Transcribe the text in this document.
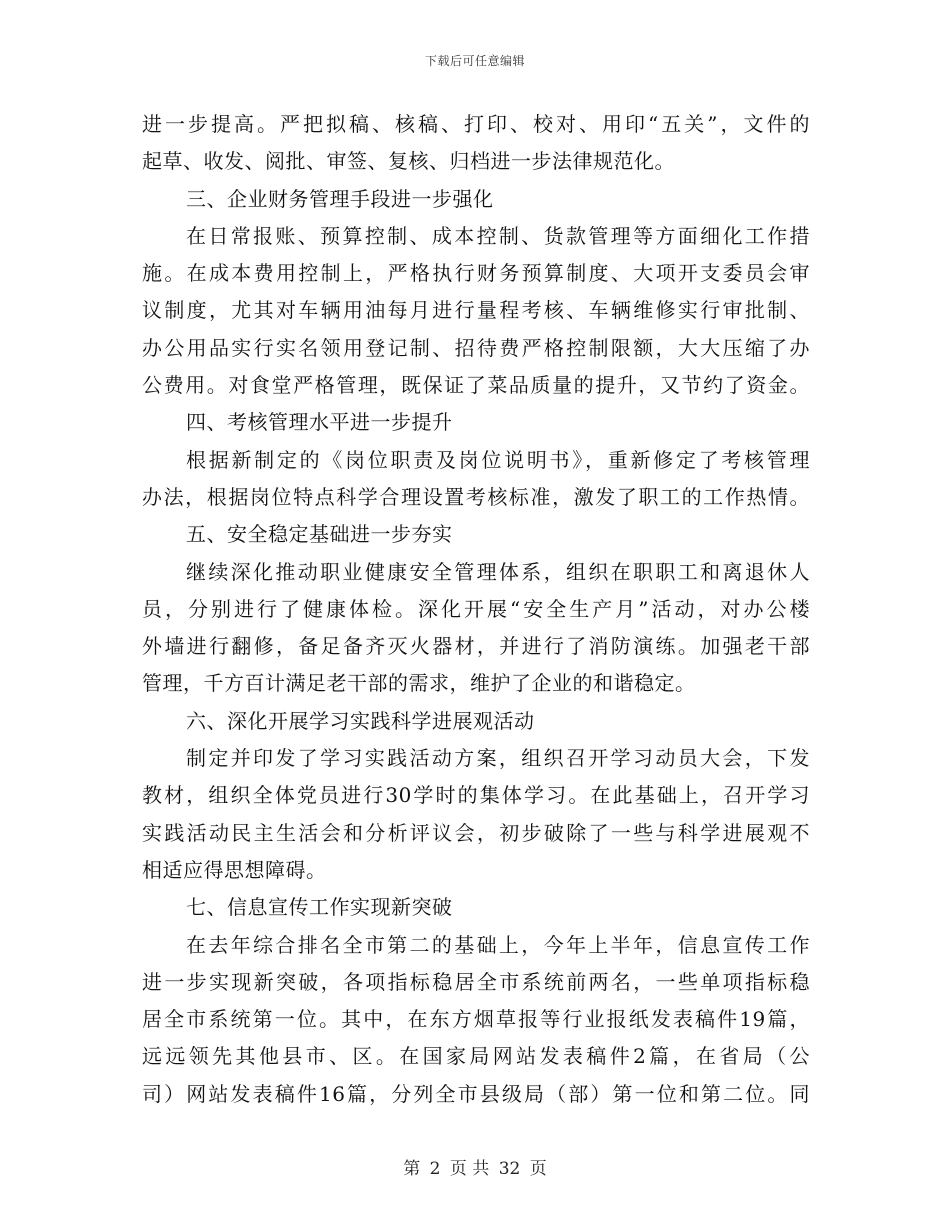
下载后可任意编辑
进一步提高。严把拟稿、核稿、打印、校对、用印“五关”，文件的
起草、收发、阅批、审签、复核、归档进一步法律规范化。
三、企业财务管理手段进一步强化
在日常报账、预算控制、成本控制、货款管理等方面细化工作措
施。在成本费用控制上，严格执行财务预算制度、大项开支委员会审
议制度，尤其对车辆用油每月进行量程考核、车辆维修实行审批制、
办公用品实行实名领用登记制、招待费严格控制限额，大大压缩了办
公费用。对食堂严格管理，既保证了菜品质量的提升，又节约了资金。
四、考核管理水平进一步提升
根据新制定的《岗位职责及岗位说明书》，重新修定了考核管理
办法，根据岗位特点科学合理设置考核标准，激发了职工的工作热情。
五、安全稳定基础进一步夯实
继续深化推动职业健康安全管理体系，组织在职职工和离退休人
员，分别进行了健康体检。深化开展“安全生产月”活动，对办公楼
外墙进行翻修，备足备齐灭火器材，并进行了消防演练。加强老干部
管理，千方百计满足老干部的需求，维护了企业的和谐稳定。
六、深化开展学习实践科学进展观活动
制定并印发了学习实践活动方案，组织召开学习动员大会，下发
教材，组织全体党员进行30学时的集体学习。在此基础上，召开学习
实践活动民主生活会和分析评议会，初步破除了一些与科学进展观不
相适应得思想障碍。
七、信息宣传工作实现新突破
在去年综合排名全市第二的基础上，今年上半年，信息宣传工作
进一步实现新突破，各项指标稳居全市系统前两名，一些单项指标稳
居全市系统第一位。其中，在东方烟草报等行业报纸发表稿件19篇，
远远领先其他县市、区。在国家局网站发表稿件2篇，在省局（公
司）网站发表稿件16篇，分列全市县级局（部）第一位和第二位。同
第 2 页 共 32 页
